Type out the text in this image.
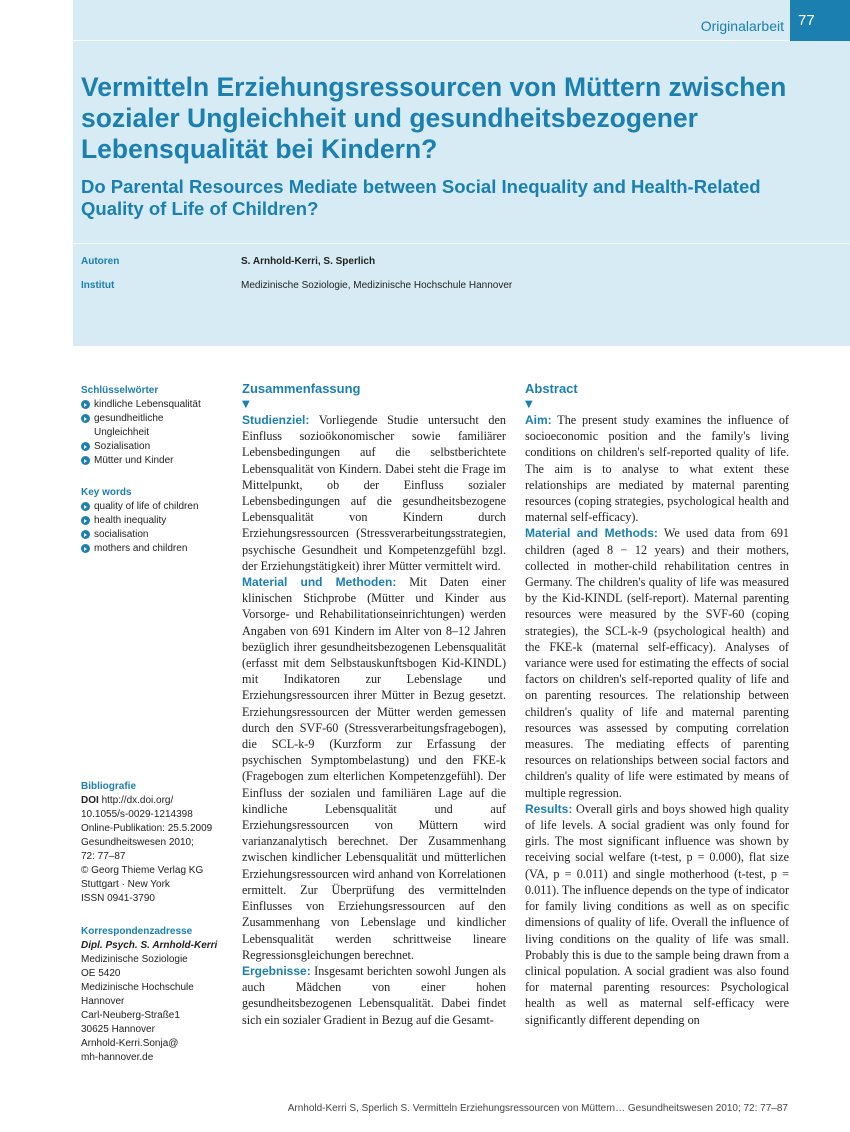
Originalarbeit 77
Vermitteln Erziehungsressourcen von Müttern zwischen sozialer Ungleichheit und gesundheitsbezogener Lebensqualität bei Kindern?
Do Parental Resources Mediate between Social Inequality and Health-Related Quality of Life of Children?
Autoren	S. Arnhold-Kerri, S. Sperlich
Institut	Medizinische Soziologie, Medizinische Hochschule Hannover
Schlüsselwörter
kindliche Lebensqualität
gesundheitliche Ungleichheit
Sozialisation
Mütter und Kinder
Key words
quality of life of children
health inequality
socialisation
mothers and children
Bibliografie
DOI http://dx.doi.org/
10.1055/s-0029-1214398
Online-Publikation: 25.5.2009
Gesundheitswesen 2010;
72: 77–87
© Georg Thieme Verlag KG
Stuttgart · New York
ISSN 0941-3790
Korrespondenzadresse
Dipl. Psych. S. Arnhold-Kerri
Medizinische Soziologie
OE 5420
Medizinische Hochschule
Hannover
Carl-Neuberg-Straße1
30625 Hannover
Arnhold-Kerri.Sonja@
mh-hannover.de
Zusammenfassung
▼

Studienziel: Vorliegende Studie untersucht den Einfluss sozioökonomischer sowie familiärer Lebensbedingungen auf die selbstberichtete Lebensqualität von Kindern. Dabei steht die Frage im Mittelpunkt, ob der Einfluss sozialer Lebensbedingungen auf die gesundheitsbezogene Lebensqualität von Kindern durch Erziehungsressourcen (Stressverarbeitungsstrategien, psychische Gesundheit und Kompetenzgefühl bzgl. der Erziehungstätigkeit) ihrer Mütter vermittelt wird.

Material und Methoden: Mit Daten einer klinischen Stichprobe (Mütter und Kinder aus Vorsorge- und Rehabilitationseinrichtungen) werden Angaben von 691 Kindern im Alter von 8–12 Jahren bezüglich ihrer gesundheitsbezogenen Lebensqualität (erfasst mit dem Selbstauskunftsbogen Kid-KINDL) mit Indikatoren zur Lebenslage und Erziehungsressourcen ihrer Mütter in Bezug gesetzt. Erziehungsressourcen der Mütter werden gemessen durch den SVF-60 (Stressverarbeitungsfragebogen), die SCL-k-9 (Kurzform zur Erfassung der psychischen Symptombelastung) und den FKE-k (Fragebogen zum elterlichen Kompetenzgefühl). Der Einfluss der sozialen und familiären Lage auf die kindliche Lebensqualität und auf Erziehungsressourcen von Müttern wird varianzanalytisch berechnet. Der Zusammenhang zwischen kindlicher Lebensqualität und mütterlichen Erziehungsressourcen wird anhand von Korrelationen ermittelt. Zur Überprüfung des vermittelnden Einflusses von Erziehungsressourcen auf den Zusammenhang von Lebenslage und kindlicher Lebensqualität werden schrittweise lineare Regressionsgleichungen berechnet.

Ergebnisse: Insgesamt berichten sowohl Jungen als auch Mädchen von einer hohen gesundheitsbezogenen Lebensqualität. Dabei findet sich ein sozialer Gradient in Bezug auf die Gesamt-

Abstract
▼

Aim: The present study examines the influence of socioeconomic position and the family's living conditions on children's self-reported quality of life. The aim is to analyse to what extent these relationships are mediated by maternal parenting resources (coping strategies, psychological health and maternal self-efficacy).

Material and Methods: We used data from 691 children (aged 8 − 12 years) and their mothers, collected in mother-child rehabilitation centres in Germany. The children's quality of life was measured by the Kid-KINDL (self-report). Maternal parenting resources were measured by the SVF-60 (coping strategies), the SCL-k-9 (psychological health) and the FKE-k (maternal self-efficacy). Analyses of variance were used for estimating the effects of social factors on children's self-reported quality of life and on parenting resources. The relationship between children's quality of life and maternal parenting resources was assessed by computing correlation measures. The mediating effects of parenting resources on relationships between social factors and children's quality of life were estimated by means of multiple regression.

Results: Overall girls and boys showed high quality of life levels. A social gradient was only found for girls. The most significant influence was shown by receiving social welfare (t-test, p = 0.000), flat size (VA, p = 0.011) and single motherhood (t-test, p = 0.011). The influence depends on the type of indicator for family living conditions as well as on specific dimensions of quality of life. Overall the influence of living conditions on the quality of life was small. Probably this is due to the sample being drawn from a clinical population. A social gradient was also found for maternal parenting resources: Psychological health as well as maternal self-efficacy were significantly different depending on

Arnhold-Kerri S, Sperlich S. Vermitteln Erziehungsressourcen von Müttern… Gesundheitswesen 2010; 72: 77–87
